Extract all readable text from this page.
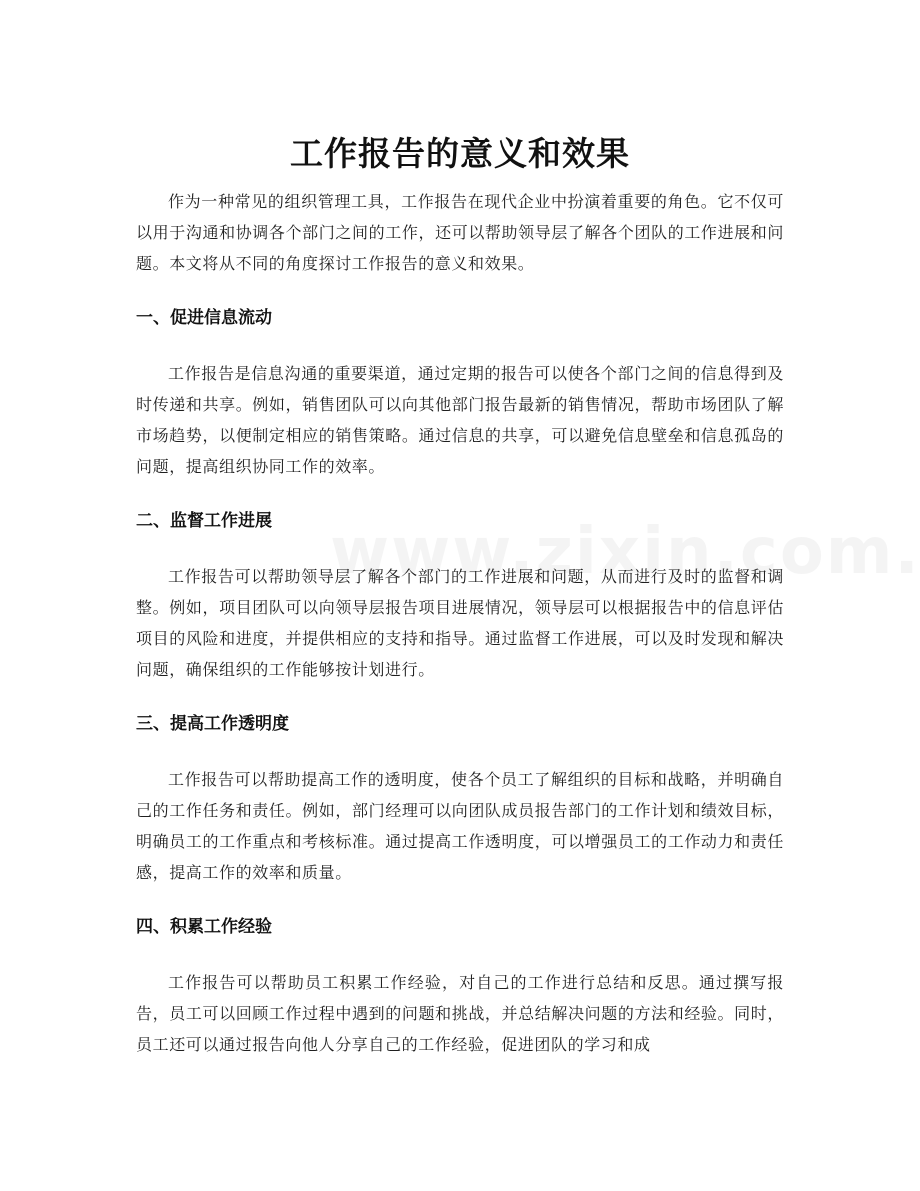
工作报告的意义和效果

作为一种常见的组织管理工具，工作报告在现代企业中扮演着重要的角色。它不仅可以用于沟通和协调各个部门之间的工作，还可以帮助领导层了解各个团队的工作进展和问题。本文将从不同的角度探讨工作报告的意义和效果。

一、促进信息流动

工作报告是信息沟通的重要渠道，通过定期的报告可以使各个部门之间的信息得到及时传递和共享。例如，销售团队可以向其他部门报告最新的销售情况，帮助市场团队了解市场趋势，以便制定相应的销售策略。通过信息的共享，可以避免信息壁垒和信息孤岛的问题，提高组织协同工作的效率。

二、监督工作进展

工作报告可以帮助领导层了解各个部门的工作进展和问题，从而进行及时的监督和调整。例如，项目团队可以向领导层报告项目进展情况，领导层可以根据报告中的信息评估项目的风险和进度，并提供相应的支持和指导。通过监督工作进展，可以及时发现和解决问题，确保组织的工作能够按计划进行。

三、提高工作透明度

工作报告可以帮助提高工作的透明度，使各个员工了解组织的目标和战略，并明确自己的工作任务和责任。例如，部门经理可以向团队成员报告部门的工作计划和绩效目标，明确员工的工作重点和考核标准。通过提高工作透明度，可以增强员工的工作动力和责任感，提高工作的效率和质量。

四、积累工作经验

工作报告可以帮助员工积累工作经验，对自己的工作进行总结和反思。通过撰写报告，员工可以回顾工作过程中遇到的问题和挑战，并总结解决问题的方法和经验。同时，员工还可以通过报告向他人分享自己的工作经验，促进团队的学习和成
